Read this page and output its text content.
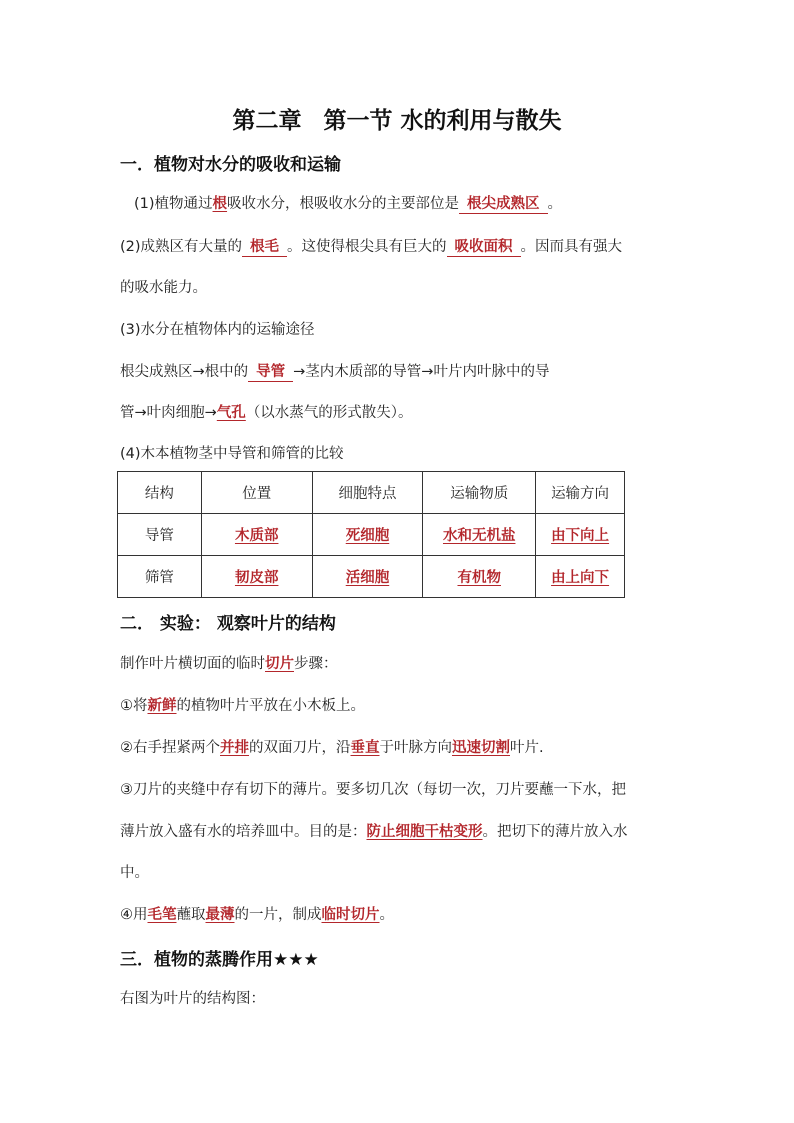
第二章 第一节 水的利用与散失
一．植物对水分的吸收和运输

(1)植物通过根吸收水分，根吸收水分的主要部位是 根尖成熟区 。

(2)成熟区有大量的 根毛 。这使得根尖具有巨大的 吸收面积 。因而具有强大

的吸水能力。

(3)水分在植物体内的运输途径

根尖成熟区→根中的 导管 →茎内木质部的导管→叶片内叶脉中的导

管→叶肉细胞→气孔（以水蒸气的形式散失）。

(4)木本植物茎中导管和筛管的比较

结构	位置	细胞特点	运输物质	运输方向
导管	木质部	死细胞	水和无机盐	由下向上
筛管	韧皮部	活细胞	有机物	由上向下
二． 实验： 观察叶片的结构

制作叶片横切面的临时切片步骤：

①将新鲜的植物叶片平放在小木板上。

②右手捏紧两个并排的双面刀片，沿垂直于叶脉方向迅速切割叶片.

③刀片的夹缝中存有切下的薄片。要多切几次（每切一次，刀片要蘸一下水，把

薄片放入盛有水的培养皿中。目的是：防止细胞干枯变形。把切下的薄片放入水

中。

④用毛笔蘸取最薄的一片，制成临时切片。

三．植物的蒸腾作用★★★

右图为叶片的结构图：
